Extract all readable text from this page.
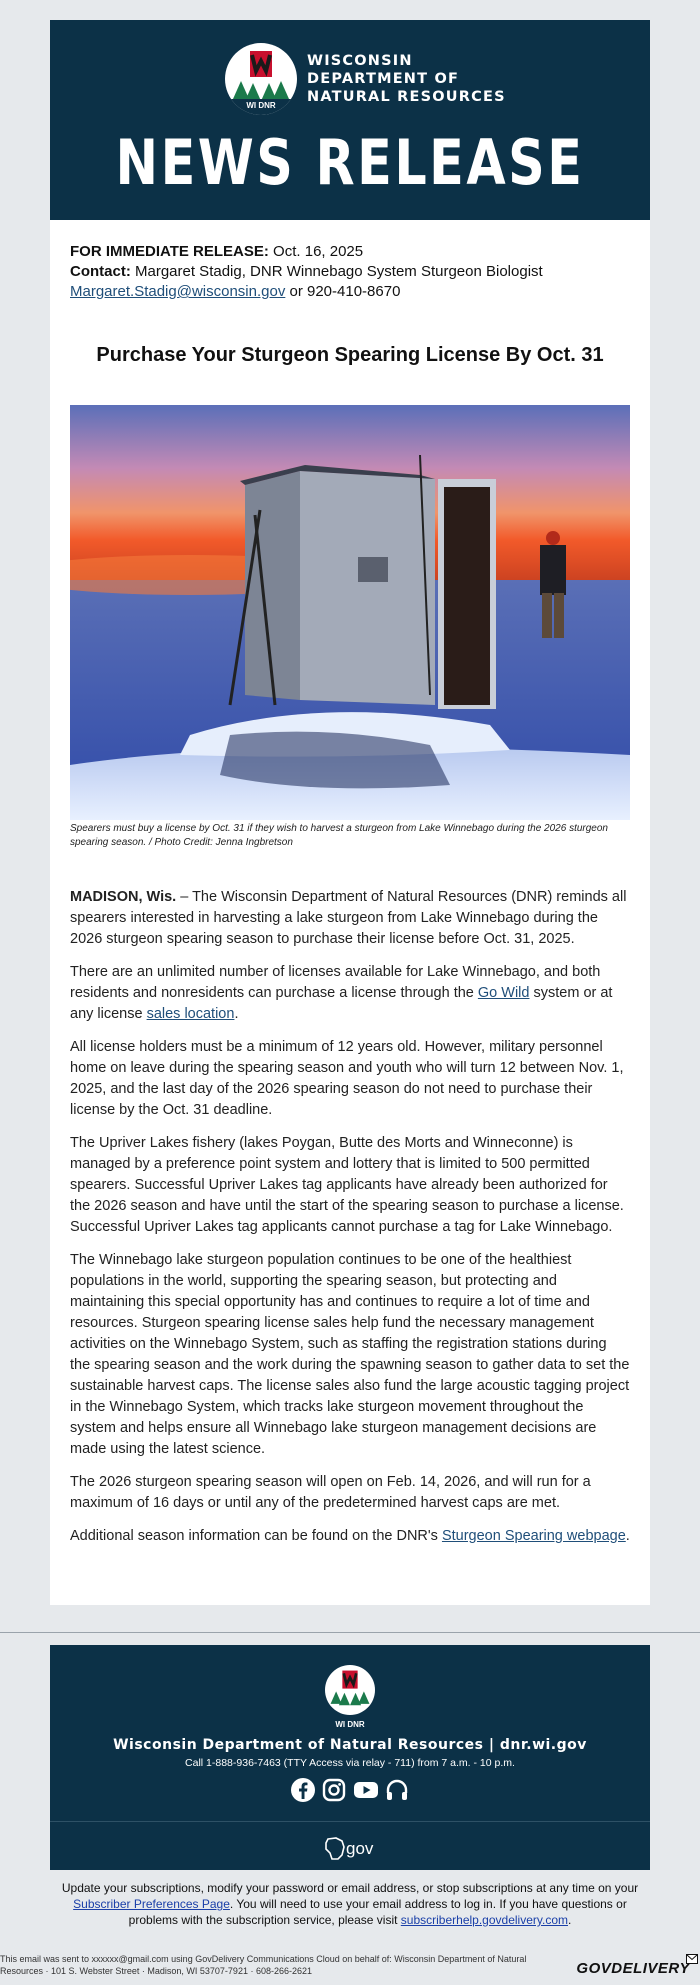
WI DNR
WISCONSIN
DEPARTMENT OF
NATURAL RESOURCES
NEWS RELEASE
FOR IMMEDIATE RELEASE: Oct. 16, 2025
Contact: Margaret Stadig, DNR Winnebago System Sturgeon Biologist
Margaret.Stadig@wisconsin.gov or 920-410-8670
Purchase Your Sturgeon Spearing License By Oct. 31
Spearers must buy a license by Oct. 31 if they wish to harvest a sturgeon from Lake Winnebago during the 2026 sturgeon spearing season. / Photo Credit: Jenna Ingbretson

MADISON, Wis. – The Wisconsin Department of Natural Resources (DNR) reminds all spearers interested in harvesting a lake sturgeon from Lake Winnebago during the 2026 sturgeon spearing season to purchase their license before Oct. 31, 2025.

There are an unlimited number of licenses available for Lake Winnebago, and both residents and nonresidents can purchase a license through the Go Wild system or at any license sales location.

All license holders must be a minimum of 12 years old. However, military personnel home on leave during the spearing season and youth who will turn 12 between Nov. 1, 2025, and the last day of the 2026 spearing season do not need to purchase their license by the Oct. 31 deadline.

The Upriver Lakes fishery (lakes Poygan, Butte des Morts and Winneconne) is managed by a preference point system and lottery that is limited to 500 permitted spearers. Successful Upriver Lakes tag applicants have already been authorized for the 2026 season and have until the start of the spearing season to purchase a license. Successful Upriver Lakes tag applicants cannot purchase a tag for Lake Winnebago.

The Winnebago lake sturgeon population continues to be one of the healthiest populations in the world, supporting the spearing season, but protecting and maintaining this special opportunity has and continues to require a lot of time and resources. Sturgeon spearing license sales help fund the necessary management activities on the Winnebago System, such as staffing the registration stations during the spearing season and the work during the spawning season to gather data to set the sustainable harvest caps. The license sales also fund the large acoustic tagging project in the Winnebago System, which tracks lake sturgeon movement throughout the system and helps ensure all Winnebago lake sturgeon management decisions are made using the latest science.

The 2026 sturgeon spearing season will open on Feb. 14, 2026, and will run for a maximum of 16 days or until any of the predetermined harvest caps are met.

Additional season information can be found on the DNR's Sturgeon Spearing webpage.

WI DNR
Wisconsin Department of Natural Resources | dnr.wi.gov
Call 1-888-936-7463 (TTY Access via relay - 711) from 7 a.m. - 10 p.m.
gov
Update your subscriptions, modify your password or email address, or stop subscriptions at any time on your Subscriber Preferences Page. You will need to use your email address to log in. If you have questions or problems with the subscription service, please visit subscriberhelp.govdelivery.com.
This email was sent to xxxxxx@gmail.com using GovDelivery Communications Cloud on behalf of: Wisconsin Department of Natural Resources · 101 S. Webster Street · Madison, WI 53707-7921 · 608-266-2621	GOVDELIVERY
